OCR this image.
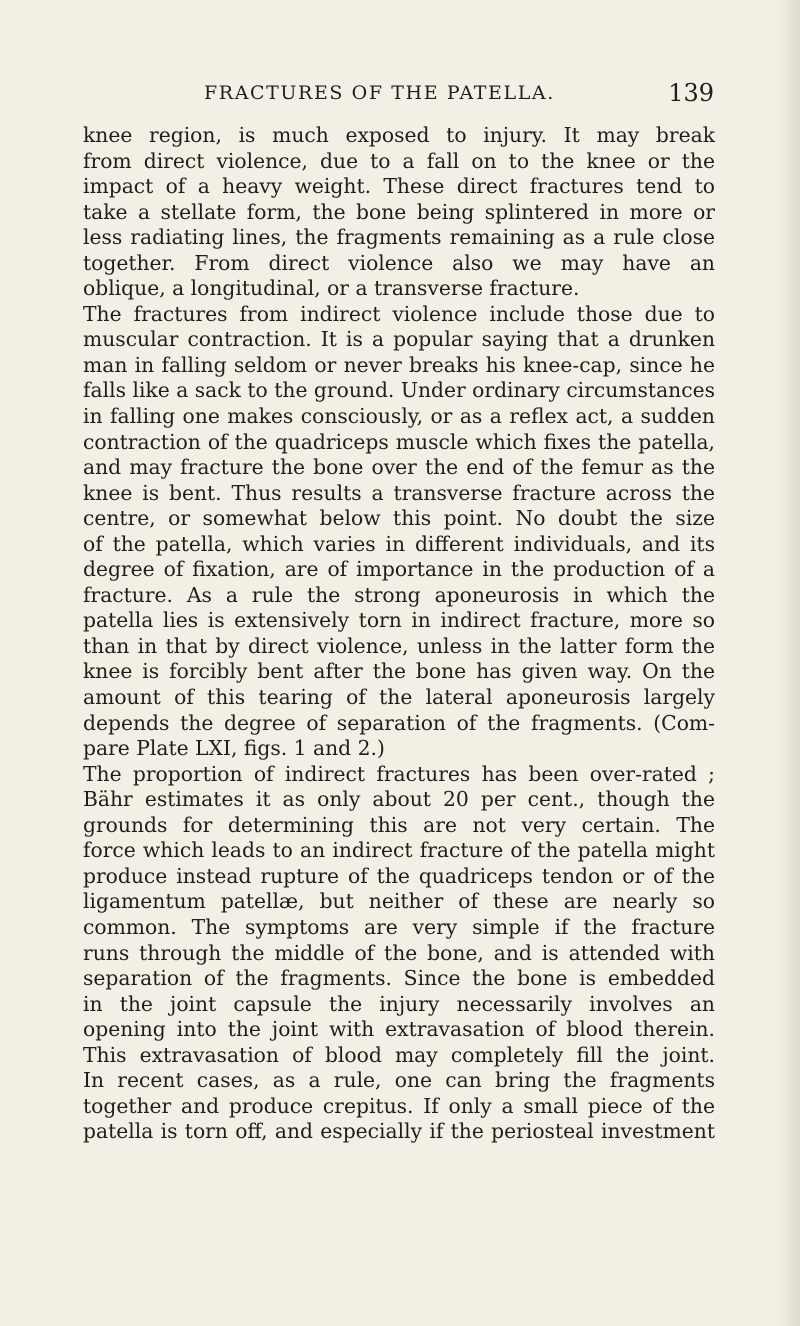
FRACTURES OF THE PATELLA.	139
knee region, is much exposed to injury. It may break
from direct violence, due to a fall on to the knee or the
impact of a heavy weight. These direct fractures tend to
take a stellate form, the bone being splintered in more or
less radiating lines, the fragments remaining as a rule close
together. From direct violence also we may have an
oblique, a longitudinal, or a transverse fracture.
The fractures from indirect violence include those due to
muscular contraction. It is a popular saying that a drunken
man in falling seldom or never breaks his knee-cap, since he
falls like a sack to the ground. Under ordinary circumstances
in falling one makes consciously, or as a reflex act, a sudden
contraction of the quadriceps muscle which fixes the patella,
and may fracture the bone over the end of the femur as the
knee is bent. Thus results a transverse fracture across the
centre, or somewhat below this point. No doubt the size
of the patella, which varies in different individuals, and its
degree of fixation, are of importance in the production of a
fracture. As a rule the strong aponeurosis in which the
patella lies is extensively torn in indirect fracture, more so
than in that by direct violence, unless in the latter form the
knee is forcibly bent after the bone has given way. On the
amount of this tearing of the lateral aponeurosis largely
depends the degree of separation of the fragments. (Com-
pare Plate LXI, figs. 1 and 2.)
The proportion of indirect fractures has been over-rated ;
Bähr estimates it as only about 20 per cent., though the
grounds for determining this are not very certain. The
force which leads to an indirect fracture of the patella might
produce instead rupture of the quadriceps tendon or of the
ligamentum patellæ, but neither of these are nearly so
common. The symptoms are very simple if the fracture
runs through the middle of the bone, and is attended with
separation of the fragments. Since the bone is embedded
in the joint capsule the injury necessarily involves an
opening into the joint with extravasation of blood therein.
This extravasation of blood may completely fill the joint.
In recent cases, as a rule, one can bring the fragments
together and produce crepitus. If only a small piece of the
patella is torn off, and especially if the periosteal investment
